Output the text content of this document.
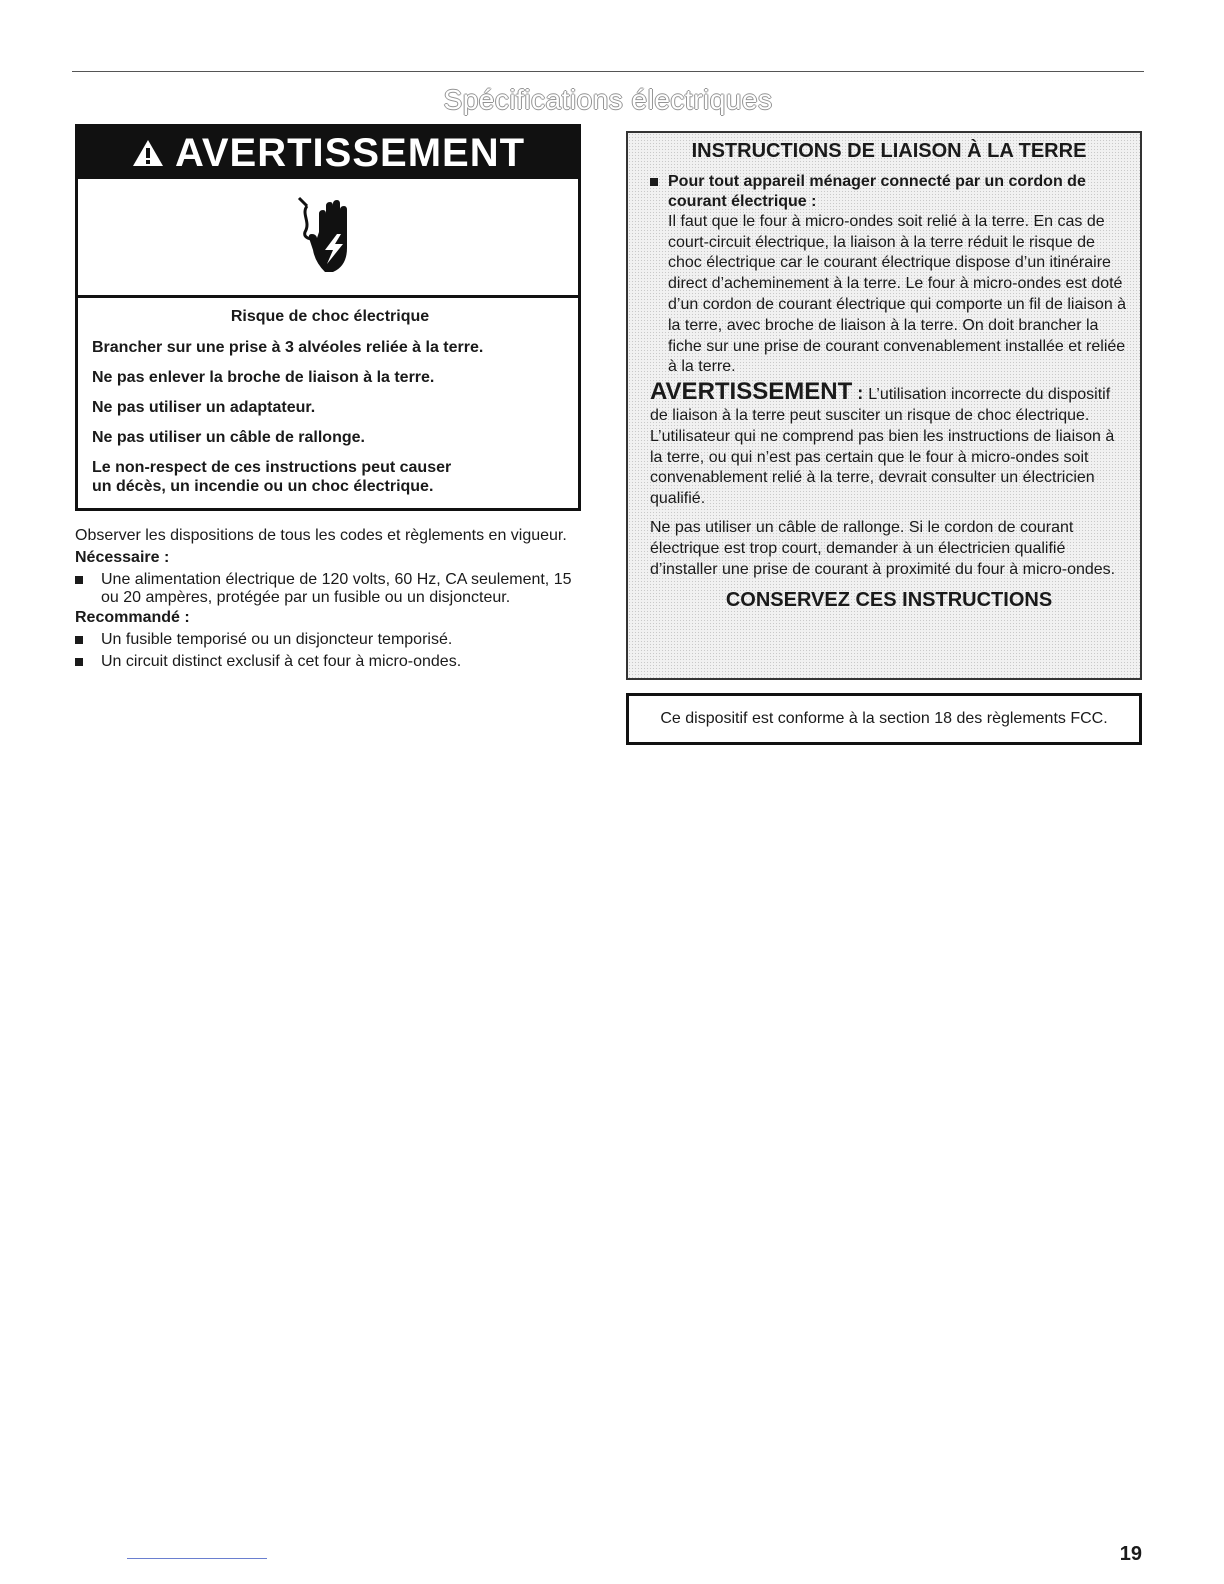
Spécifications électriques
AVERTISSEMENT
Risque de choc électrique

Brancher sur une prise à 3 alvéoles reliée à la terre.

Ne pas enlever la broche de liaison à la terre.

Ne pas utiliser un adaptateur.

Ne pas utiliser un câble de rallonge.

Le non-respect de ces instructions peut causer
un décès, un incendie ou un choc électrique.

Observer les dispositions de tous les codes et règlements en vigueur.

Nécessaire :

Une alimentation électrique de 120 volts, 60 Hz, CA seulement, 15 ou 20 ampères, protégée par un fusible ou un disjoncteur.

Recommandé :

Un fusible temporisé ou un disjoncteur temporisé.
Un circuit distinct exclusif à cet four à micro-ondes.
INSTRUCTIONS DE LIAISON À LA TERRE

Pour tout appareil ménager connecté par un cordon de courant électrique :

Il faut que le four à micro-ondes soit relié à la terre. En cas de court-circuit électrique, la liaison à la terre réduit le risque de choc électrique car le courant électrique dispose d’un itinéraire direct d’acheminement à la terre. Le four à micro-ondes est doté d’un cordon de courant électrique qui comporte un fil de liaison à la terre, avec broche de liaison à la terre. On doit brancher la fiche sur une prise de courant convenablement installée et reliée à la terre.

AVERTISSEMENT : L’utilisation incorrecte du dispositif de liaison à la terre peut susciter un risque de choc électrique. L’utilisateur qui ne comprend pas bien les instructions de liaison à la terre, ou qui n’est pas certain que le four à micro-ondes soit convenablement relié à la terre, devrait consulter un électricien qualifié.

Ne pas utiliser un câble de rallonge. Si le cordon de courant électrique est trop court, demander à un électricien qualifié d’installer une prise de courant à proximité du four à micro-ondes.

CONSERVEZ CES INSTRUCTIONS
Ce dispositif est conforme à la section 18 des règlements FCC.
19
